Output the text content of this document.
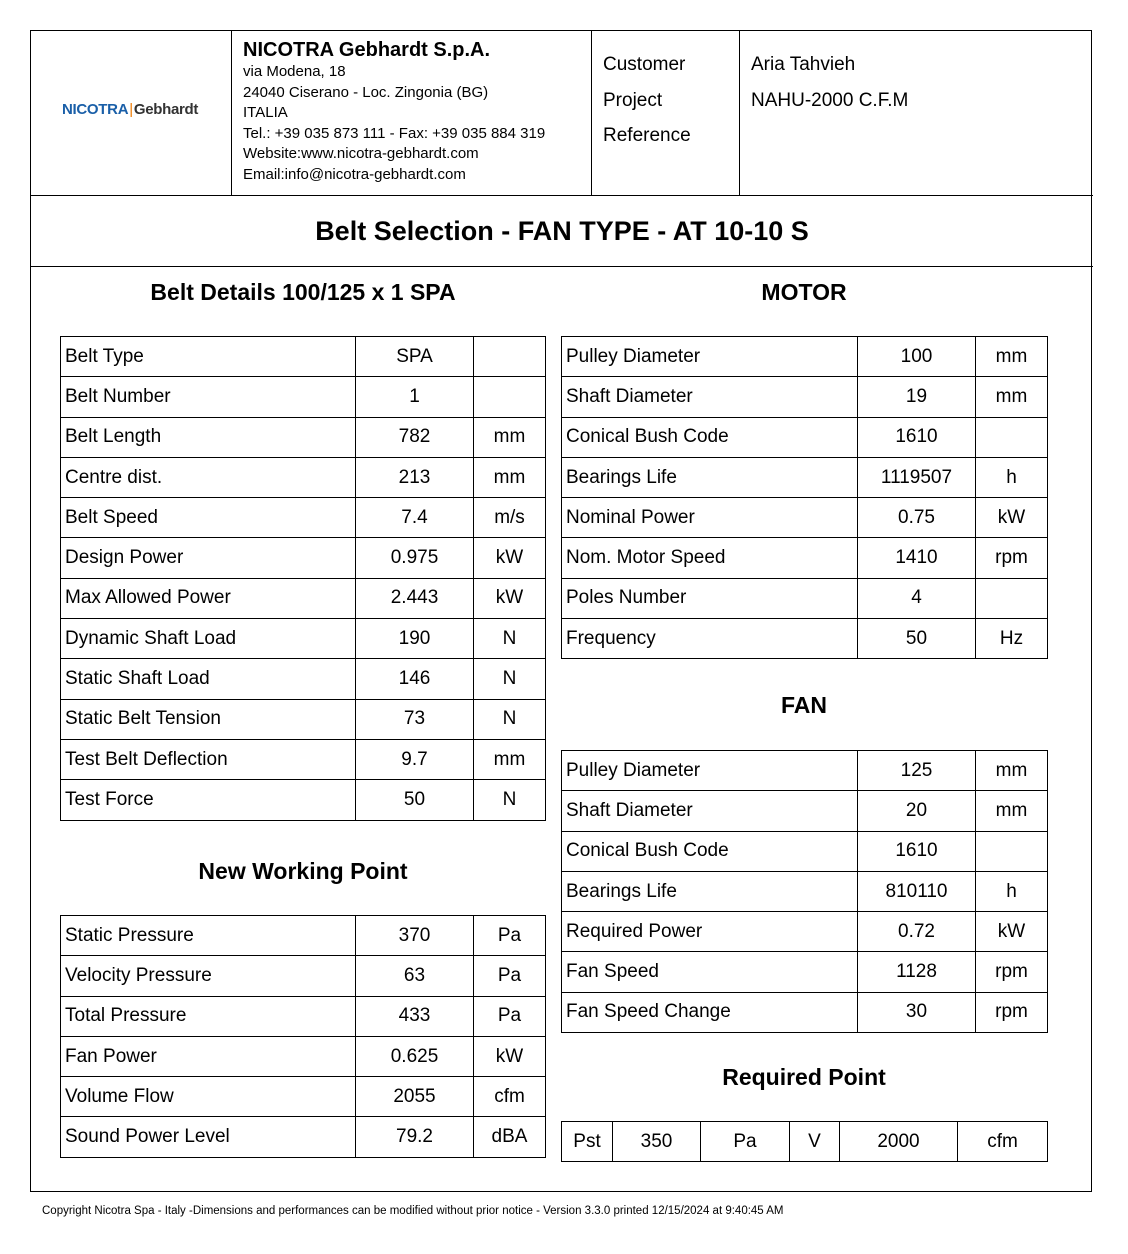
NICOTRA|Gebhardt
NICOTRA Gebhardt S.p.A.
via Modena, 18
24040 Ciserano - Loc. Zingonia (BG)
ITALIA
Tel.: +39 035 873 111 - Fax: +39 035 884 319
Website:www.nicotra-gebhardt.com
Email:info@nicotra-gebhardt.com
Customer
Project
Reference
Aria Tahvieh
NAHU-2000 C.F.M
Belt Selection - FAN TYPE - AT 10-10 S
Belt Details 100/125 x 1 SPA
Belt Type	SPA	
Belt Number	1	
Belt Length	782	mm
Centre dist.	213	mm
Belt Speed	7.4	m/s
Design Power	0.975	kW
Max Allowed Power	2.443	kW
Dynamic Shaft Load	190	N
Static Shaft Load	146	N
Static Belt Tension	73	N
Test Belt Deflection	9.7	mm
Test Force	50	N
New Working Point
Static Pressure	370	Pa
Velocity Pressure	63	Pa
Total Pressure	433	Pa
Fan Power	0.625	kW
Volume Flow	2055	cfm
Sound Power Level	79.2	dBA
MOTOR
Pulley Diameter	100	mm
Shaft Diameter	19	mm
Conical Bush Code	1610	
Bearings Life	1119507	h
Nominal Power	0.75	kW
Nom. Motor Speed	1410	rpm
Poles Number	4	
Frequency	50	Hz
FAN
Pulley Diameter	125	mm
Shaft Diameter	20	mm
Conical Bush Code	1610	
Bearings Life	810110	h
Required Power	0.72	kW
Fan Speed	1128	rpm
Fan Speed Change	30	rpm
Required Point
Pst	350	Pa	V	2000	cfm
Copyright Nicotra Spa - Italy -Dimensions and performances can be modified without prior notice - Version 3.3.0 printed 12/15/2024 at 9:40:45 AM
